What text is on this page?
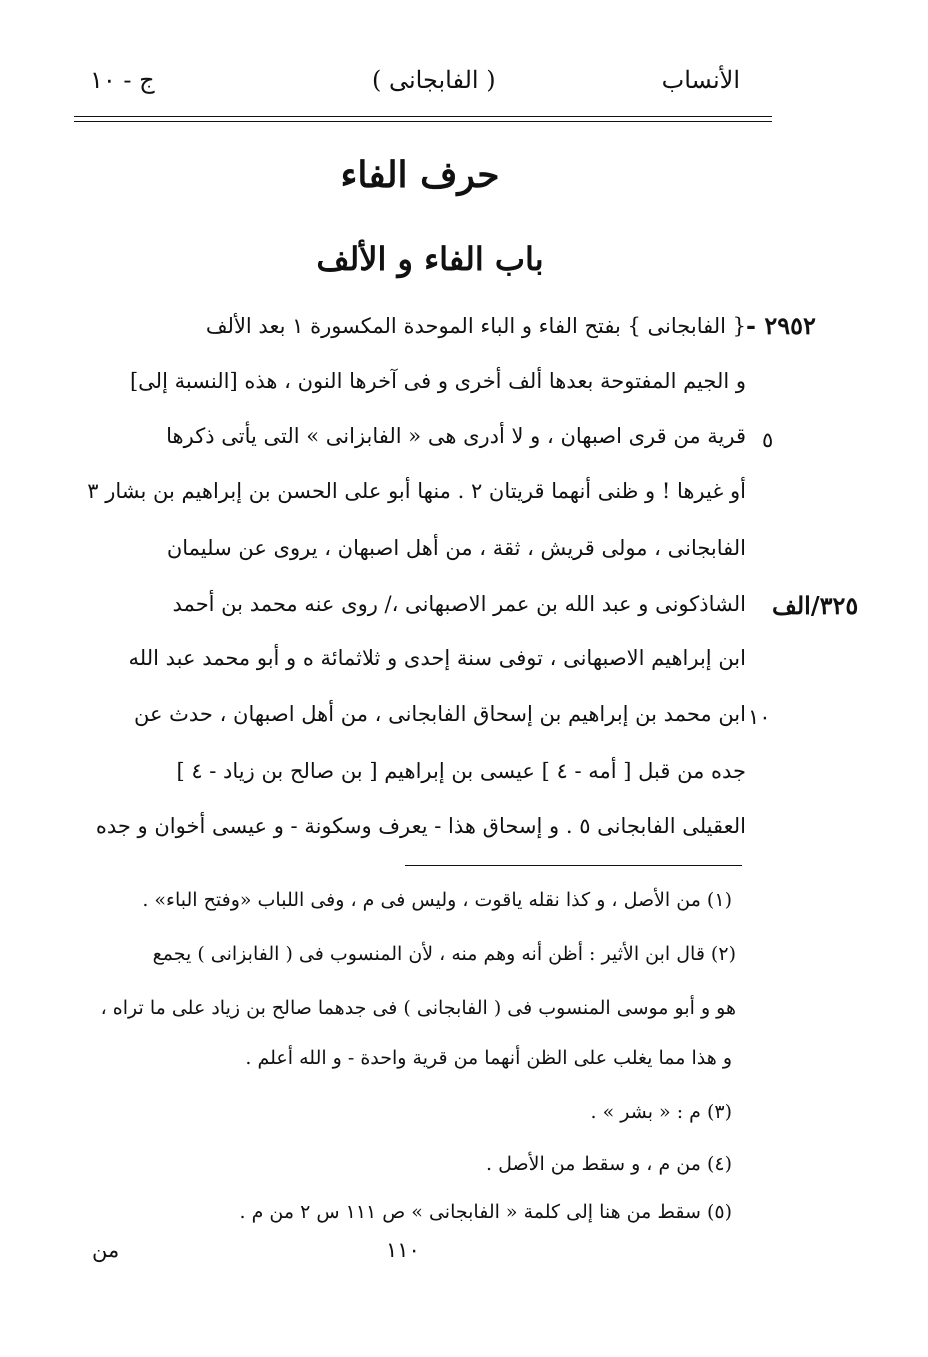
الأنساب
( الفابجانى )
ج - ١٠
حرف الفاء
باب الفاء و الألف
٢٩٥٢ -
{ الفابجانى } بفتح الفاء و الباء الموحدة المكسورة ١ بعد الألف
و الجيم المفتوحة بعدها ألف أخرى و فى آخرها النون ، هذه [النسبة إلى]
قرية من قرى اصبهان ، و لا أدرى هى « الفابزانى » التى يأتى ذكرها
أو غيرها ! و ظنى أنهما قريتان ٢ . منها أبو على الحسن بن إبراهيم بن بشار ٣
الفابجانى ، مولى قريش ، ثقة ، من أهل اصبهان ، يروى عن سليمان
الشاذكونى و عبد الله بن عمر الاصبهانى ،/ روى عنه محمد بن أحمد
ابن إبراهيم الاصبهانى ، توفى سنة إحدى و ثلاثمائة ه و أبو محمد عبد الله
ابن محمد بن إبراهيم بن إسحاق الفابجانى ، من أهل اصبهان ، حدث عن
جده من قبل [ أمه - ٤ ] عيسى بن إبراهيم [ بن صالح بن زياد - ٤ ]
العقيلى الفابجانى ٥ . و إسحاق هذا - يعرف وسكونة - و عيسى أخوان و جده
٥
١٠
٣٢٥/الف
(١) من الأصل ، و كذا نقله ياقوت ، وليس فى م ، وفى اللباب «وفتح الباء» .
(٢) قال ابن الأثير : أظن أنه وهم منه ، لأن المنسوب فى ( الفابزانى ) يجمع
هو و أبو موسى المنسوب فى ( الفابجانى ) فى جدهما صالح بن زياد على ما تراه ،
و هذا مما يغلب على الظن أنهما من قرية واحدة - و الله أعلم .
(٣) م : « بشر » .
(٤) من م ، و سقط من الأصل .
(٥) سقط من هنا إلى كلمة « الفابجانى » ص ١١١ س ٢ من م .
١١٠
من
